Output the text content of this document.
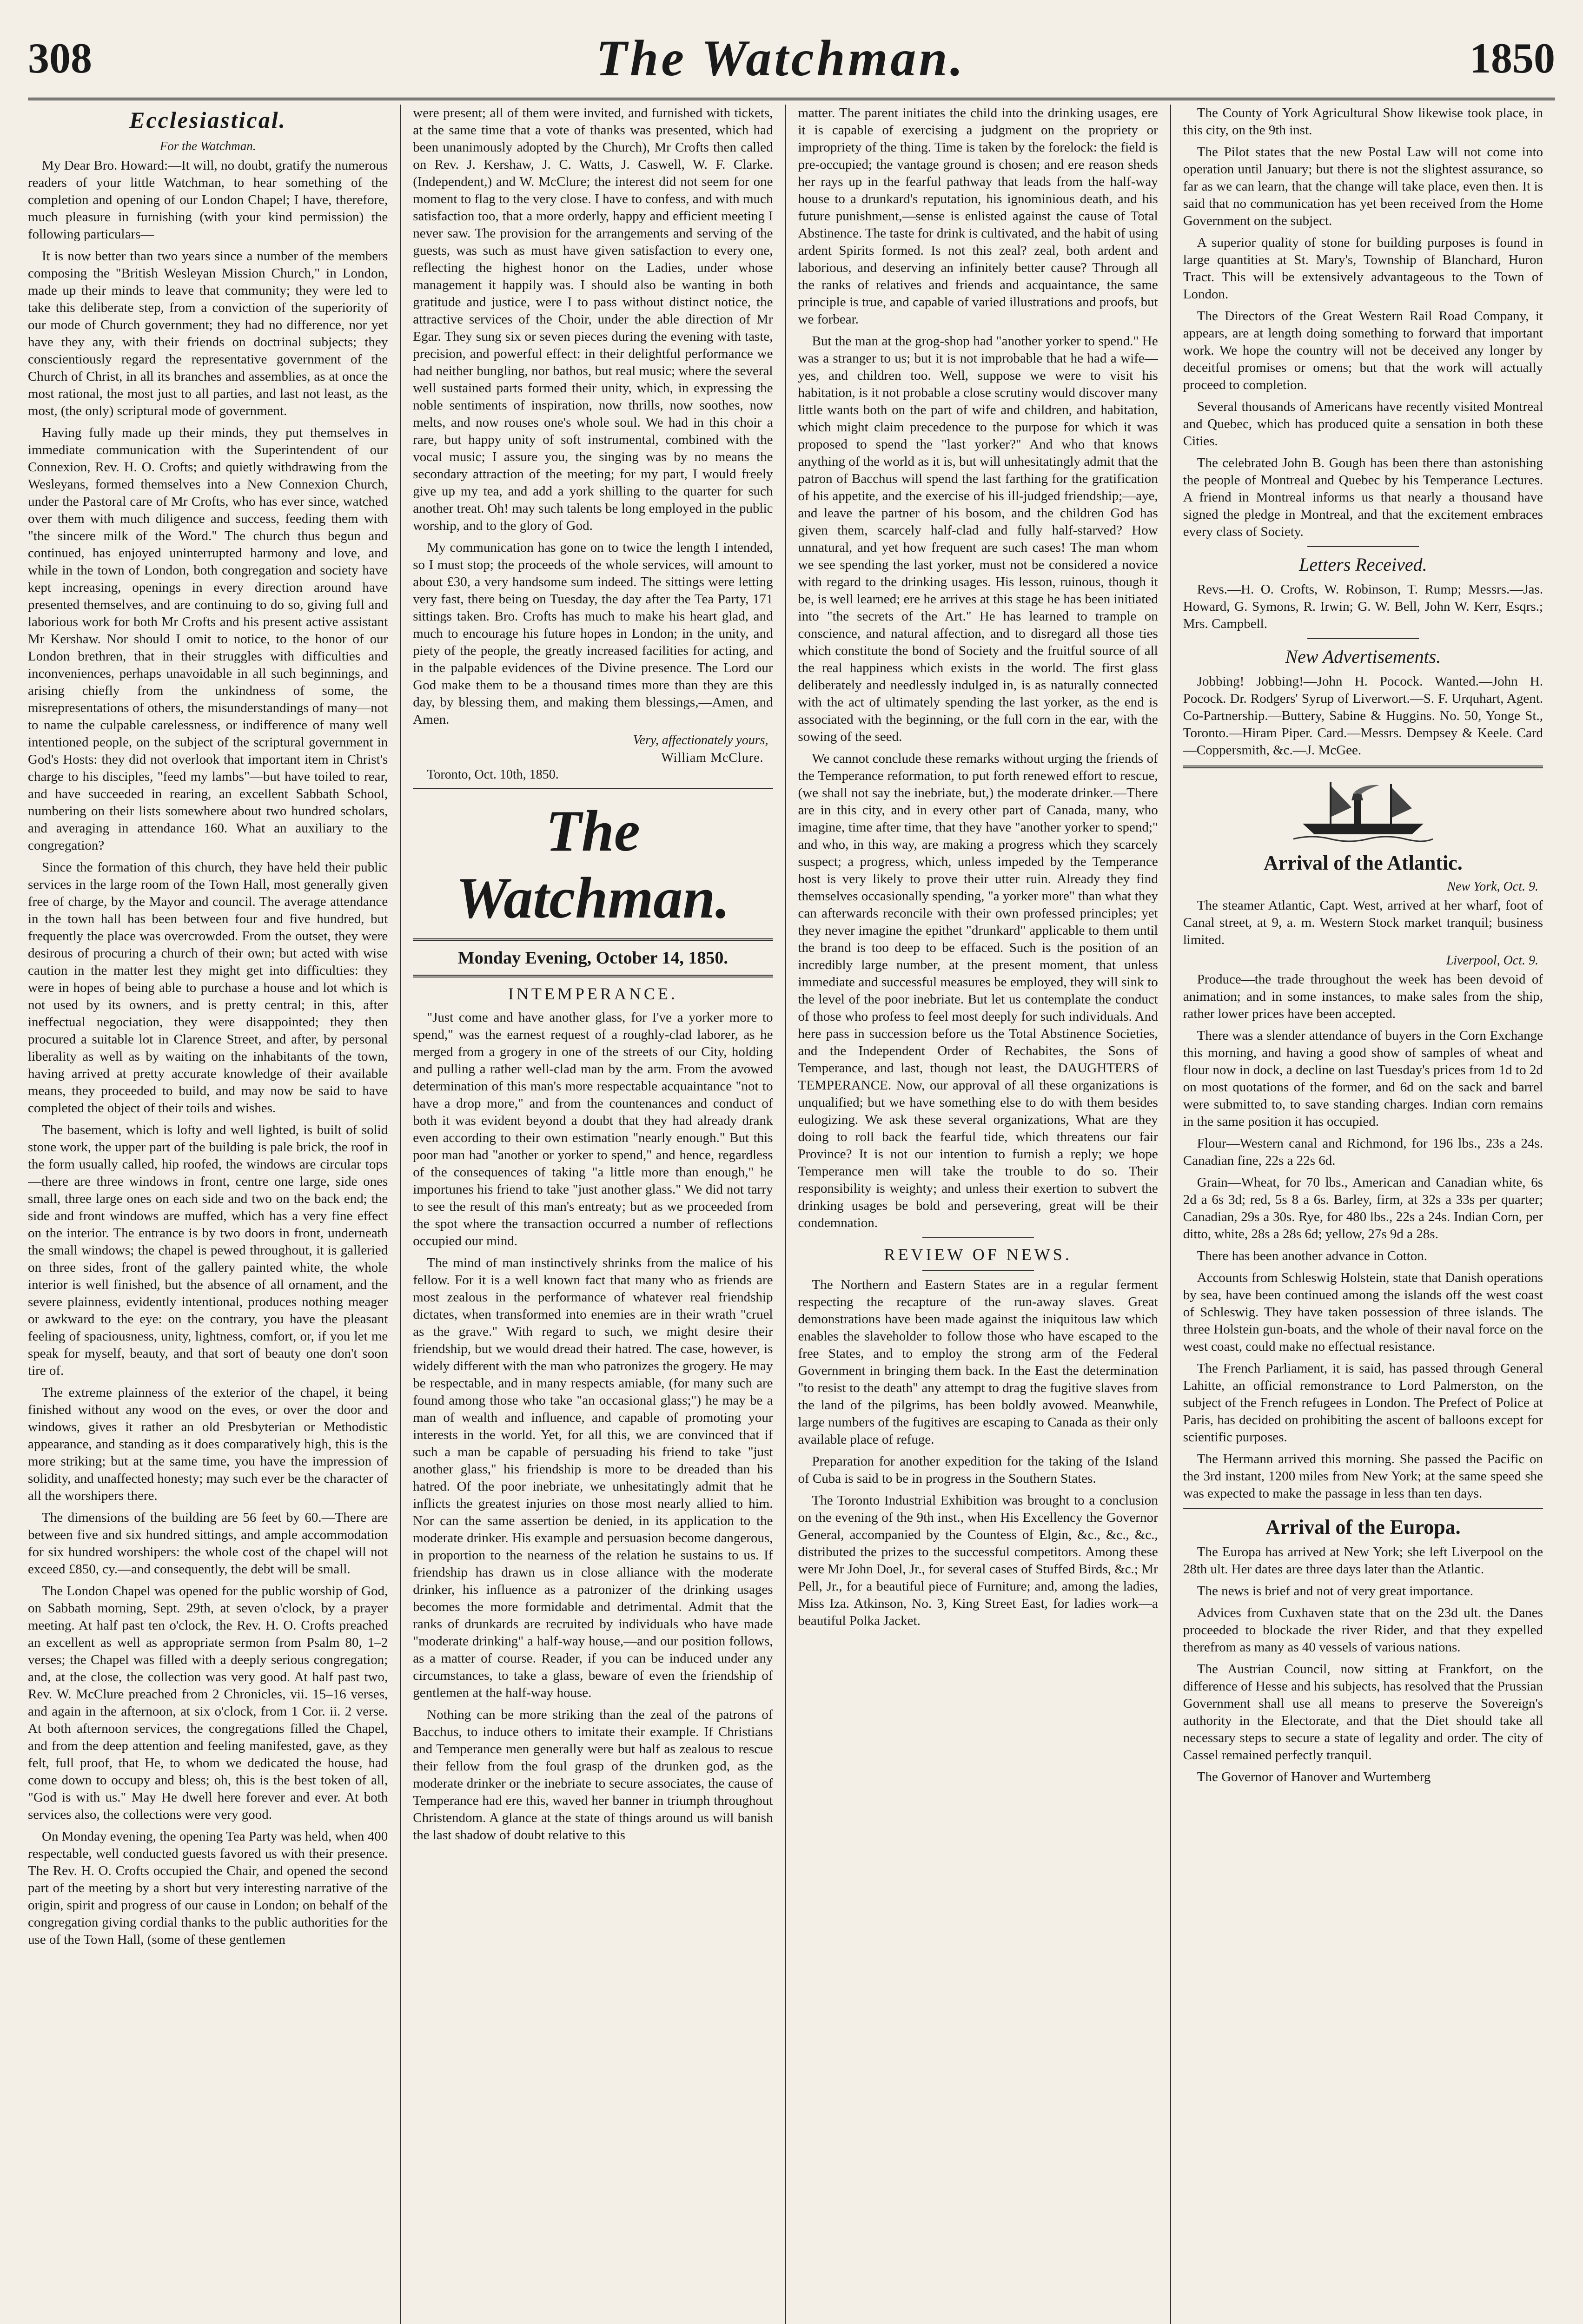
308	The Watchman.	1850
Ecclesiastical.
For the Watchman.

My Dear Bro. Howard:—It will, no doubt, gratify the numerous readers of your little Watchman, to hear something of the completion and opening of our London Chapel; I have, therefore, much pleasure in furnishing (with your kind permission) the following particulars—

It is now better than two years since a number of the members composing the "British Wesleyan Mission Church," in London, made up their minds to leave that community; they were led to take this deliberate step, from a conviction of the superiority of our mode of Church government; they had no difference, nor yet have they any, with their friends on doctrinal subjects; they conscientiously regard the representative government of the Church of Christ, in all its branches and assemblies, as at once the most rational, the most just to all parties, and last not least, as the most, (the only) scriptural mode of government.

Having fully made up their minds, they put themselves in immediate communication with the Superintendent of our Connexion, Rev. H. O. Crofts; and quietly withdrawing from the Wesleyans, formed themselves into a New Connexion Church, under the Pastoral care of Mr Crofts, who has ever since, watched over them with much diligence and success, feeding them with "the sincere milk of the Word." The church thus begun and continued, has enjoyed uninterrupted harmony and love, and while in the town of London, both congregation and society have kept increasing, openings in every direction around have presented themselves, and are continuing to do so, giving full and laborious work for both Mr Crofts and his present active assistant Mr Kershaw. Nor should I omit to notice, to the honor of our London brethren, that in their struggles with difficulties and inconveniences, perhaps unavoidable in all such beginnings, and arising chiefly from the unkindness of some, the misrepresentations of others, the misunderstandings of many—not to name the culpable carelessness, or indifference of many well intentioned people, on the subject of the scriptural government in God's Hosts: they did not overlook that important item in Christ's charge to his disciples, "feed my lambs"—but have toiled to rear, and have succeeded in rearing, an excellent Sabbath School, numbering on their lists somewhere about two hundred scholars, and averaging in attendance 160. What an auxiliary to the congregation?

Since the formation of this church, they have held their public services in the large room of the Town Hall, most generally given free of charge, by the Mayor and council. The average attendance in the town hall has been between four and five hundred, but frequently the place was overcrowded. From the outset, they were desirous of procuring a church of their own; but acted with wise caution in the matter lest they might get into difficulties: they were in hopes of being able to purchase a house and lot which is not used by its owners, and is pretty central; in this, after ineffectual negociation, they were disappointed; they then procured a suitable lot in Clarence Street, and after, by personal liberality as well as by waiting on the inhabitants of the town, having arrived at pretty accurate knowledge of their available means, they proceeded to build, and may now be said to have completed the object of their toils and wishes.

The basement, which is lofty and well lighted, is built of solid stone work, the upper part of the building is pale brick, the roof in the form usually called, hip roofed, the windows are circular tops—there are three windows in front, centre one large, side ones small, three large ones on each side and two on the back end; the side and front windows are muffed, which has a very fine effect on the interior. The entrance is by two doors in front, underneath the small windows; the chapel is pewed throughout, it is galleried on three sides, front of the gallery painted white, the whole interior is well finished, but the absence of all ornament, and the severe plainness, evidently intentional, produces nothing meager or awkward to the eye: on the contrary, you have the pleasant feeling of spaciousness, unity, lightness, comfort, or, if you let me speak for myself, beauty, and that sort of beauty one don't soon tire of.

The extreme plainness of the exterior of the chapel, it being finished without any wood on the eves, or over the door and windows, gives it rather an old Presbyterian or Methodistic appearance, and standing as it does comparatively high, this is the more striking; but at the same time, you have the impression of solidity, and unaffected honesty; may such ever be the character of all the worshipers there.

The dimensions of the building are 56 feet by 60.—There are between five and six hundred sittings, and ample accommodation for six hundred worshipers: the whole cost of the chapel will not exceed £850, cy.—and consequently, the debt will be small.

The London Chapel was opened for the public worship of God, on Sabbath morning, Sept. 29th, at seven o'clock, by a prayer meeting. At half past ten o'clock, the Rev. H. O. Crofts preached an excellent as well as appropriate sermon from Psalm 80, 1–2 verses; the Chapel was filled with a deeply serious congregation; and, at the close, the collection was very good. At half past two, Rev. W. McClure preached from 2 Chronicles, vii. 15–16 verses, and again in the afternoon, at six o'clock, from 1 Cor. ii. 2 verse. At both afternoon services, the congregations filled the Chapel, and from the deep attention and feeling manifested, gave, as they felt, full proof, that He, to whom we dedicated the house, had come down to occupy and bless; oh, this is the best token of all, "God is with us." May He dwell here forever and ever. At both services also, the collections were very good.

On Monday evening, the opening Tea Party was held, when 400 respectable, well conducted guests favored us with their presence. The Rev. H. O. Crofts occupied the Chair, and opened the second part of the meeting by a short but very interesting narrative of the origin, spirit and progress of our cause in London; on behalf of the congregation giving cordial thanks to the public authorities for the use of the Town Hall, (some of these gentlemen

were present; all of them were invited, and furnished with tickets, at the same time that a vote of thanks was presented, which had been unanimously adopted by the Church), Mr Crofts then called on Rev. J. Kershaw, J. C. Watts, J. Caswell, W. F. Clarke. (Independent,) and W. McClure; the interest did not seem for one moment to flag to the very close. I have to confess, and with much satisfaction too, that a more orderly, happy and efficient meeting I never saw. The provision for the arrangements and serving of the guests, was such as must have given satisfaction to every one, reflecting the highest honor on the Ladies, under whose management it happily was. I should also be wanting in both gratitude and justice, were I to pass without distinct notice, the attractive services of the Choir, under the able direction of Mr Egar. They sung six or seven pieces during the evening with taste, precision, and powerful effect: in their delightful performance we had neither bungling, nor bathos, but real music; where the several well sustained parts formed their unity, which, in expressing the noble sentiments of inspiration, now thrills, now soothes, now melts, and now rouses one's whole soul. We had in this choir a rare, but happy unity of soft instrumental, combined with the vocal music; I assure you, the singing was by no means the secondary attraction of the meeting; for my part, I would freely give up my tea, and add a york shilling to the quarter for such another treat. Oh! may such talents be long employed in the public worship, and to the glory of God.

My communication has gone on to twice the length I intended, so I must stop; the proceeds of the whole services, will amount to about £30, a very handsome sum indeed. The sittings were letting very fast, there being on Tuesday, the day after the Tea Party, 171 sittings taken. Bro. Crofts has much to make his heart glad, and much to encourage his future hopes in London; in the unity, and piety of the people, the greatly increased facilities for acting, and in the palpable evidences of the Divine presence. The Lord our God make them to be a thousand times more than they are this day, by blessing them, and making them blessings,—Amen, and Amen.

Very, affectionately yours,
William McClure.
Toronto, Oct. 10th, 1850.
The Watchman.
Monday Evening, October 14, 1850.
INTEMPERANCE.

"Just come and have another glass, for I've a yorker more to spend," was the earnest request of a roughly-clad laborer, as he merged from a grogery in one of the streets of our City, holding and pulling a rather well-clad man by the arm. From the avowed determination of this man's more respectable acquaintance "not to have a drop more," and from the countenances and conduct of both it was evident beyond a doubt that they had already drank even according to their own estimation "nearly enough." But this poor man had "another or yorker to spend," and hence, regardless of the consequences of taking "a little more than enough," he importunes his friend to take "just another glass." We did not tarry to see the result of this man's entreaty; but as we proceeded from the spot where the transaction occurred a number of reflections occupied our mind.

The mind of man instinctively shrinks from the malice of his fellow. For it is a well known fact that many who as friends are most zealous in the performance of whatever real friendship dictates, when transformed into enemies are in their wrath "cruel as the grave." With regard to such, we might desire their friendship, but we would dread their hatred. The case, however, is widely different with the man who patronizes the grogery. He may be respectable, and in many respects amiable, (for many such are found among those who take "an occasional glass;") he may be a man of wealth and influence, and capable of promoting your interests in the world. Yet, for all this, we are convinced that if such a man be capable of persuading his friend to take "just another glass," his friendship is more to be dreaded than his hatred. Of the poor inebriate, we unhesitatingly admit that he inflicts the greatest injuries on those most nearly allied to him. Nor can the same assertion be denied, in its application to the moderate drinker. His example and persuasion become dangerous, in proportion to the nearness of the relation he sustains to us. If friendship has drawn us in close alliance with the moderate drinker, his influence as a patronizer of the drinking usages becomes the more formidable and detrimental. Admit that the ranks of drunkards are recruited by individuals who have made "moderate drinking" a half-way house,—and our position follows, as a matter of course. Reader, if you can be induced under any circumstances, to take a glass, beware of even the friendship of gentlemen at the half-way house.

Nothing can be more striking than the zeal of the patrons of Bacchus, to induce others to imitate their example. If Christians and Temperance men generally were but half as zealous to rescue their fellow from the foul grasp of the drunken god, as the moderate drinker or the inebriate to secure associates, the cause of Temperance had ere this, waved her banner in triumph throughout Christendom. A glance at the state of things around us will banish the last shadow of doubt relative to this

matter. The parent initiates the child into the drinking usages, ere it is capable of exercising a judgment on the propriety or impropriety of the thing. Time is taken by the forelock: the field is pre-occupied; the vantage ground is chosen; and ere reason sheds her rays up in the fearful pathway that leads from the half-way house to a drunkard's reputation, his ignominious death, and his future punishment,—sense is enlisted against the cause of Total Abstinence. The taste for drink is cultivated, and the habit of using ardent Spirits formed. Is not this zeal? zeal, both ardent and laborious, and deserving an infinitely better cause? Through all the ranks of relatives and friends and acquaintance, the same principle is true, and capable of varied illustrations and proofs, but we forbear.

But the man at the grog-shop had "another yorker to spend." He was a stranger to us; but it is not improbable that he had a wife—yes, and children too. Well, suppose we were to visit his habitation, is it not probable a close scrutiny would discover many little wants both on the part of wife and children, and habitation, which might claim precedence to the purpose for which it was proposed to spend the "last yorker?" And who that knows anything of the world as it is, but will unhesitatingly admit that the patron of Bacchus will spend the last farthing for the gratification of his appetite, and the exercise of his ill-judged friendship;—aye, and leave the partner of his bosom, and the children God has given them, scarcely half-clad and fully half-starved? How unnatural, and yet how frequent are such cases! The man whom we see spending the last yorker, must not be considered a novice with regard to the drinking usages. His lesson, ruinous, though it be, is well learned; ere he arrives at this stage he has been initiated into "the secrets of the Art." He has learned to trample on conscience, and natural affection, and to disregard all those ties which constitute the bond of Society and the fruitful source of all the real happiness which exists in the world. The first glass deliberately and needlessly indulged in, is as naturally connected with the act of ultimately spending the last yorker, as the end is associated with the beginning, or the full corn in the ear, with the sowing of the seed.

We cannot conclude these remarks without urging the friends of the Temperance reformation, to put forth renewed effort to rescue, (we shall not say the inebriate, but,) the moderate drinker.—There are in this city, and in every other part of Canada, many, who imagine, time after time, that they have "another yorker to spend;" and who, in this way, are making a progress which they scarcely suspect; a progress, which, unless impeded by the Temperance host is very likely to prove their utter ruin. Already they find themselves occasionally spending, "a yorker more" than what they can afterwards reconcile with their own professed principles; yet they never imagine the epithet "drunkard" applicable to them until the brand is too deep to be effaced. Such is the position of an incredibly large number, at the present moment, that unless immediate and successful measures be employed, they will sink to the level of the poor inebriate. But let us contemplate the conduct of those who profess to feel most deeply for such individuals. And here pass in succession before us the Total Abstinence Societies, and the Independent Order of Rechabites, the Sons of Temperance, and last, though not least, the DAUGHTERS of TEMPERANCE. Now, our approval of all these organizations is unqualified; but we have something else to do with them besides eulogizing. We ask these several organizations, What are they doing to roll back the fearful tide, which threatens our fair Province? It is not our intention to furnish a reply; we hope Temperance men will take the trouble to do so. Their responsibility is weighty; and unless their exertion to subvert the drinking usages be bold and persevering, great will be their condemnation.

REVIEW OF NEWS.

The Northern and Eastern States are in a regular ferment respecting the recapture of the run-away slaves. Great demonstrations have been made against the iniquitous law which enables the slaveholder to follow those who have escaped to the free States, and to employ the strong arm of the Federal Government in bringing them back. In the East the determination "to resist to the death" any attempt to drag the fugitive slaves from the land of the pilgrims, has been boldly avowed. Meanwhile, large numbers of the fugitives are escaping to Canada as their only available place of refuge.

Preparation for another expedition for the taking of the Island of Cuba is said to be in progress in the Southern States.

The Toronto Industrial Exhibition was brought to a conclusion on the evening of the 9th inst., when His Excellency the Governor General, accompanied by the Countess of Elgin, &c., &c., &c., distributed the prizes to the successful competitors. Among these were Mr John Doel, Jr., for several cases of Stuffed Birds, &c.; Mr Pell, Jr., for a beautiful piece of Furniture; and, among the ladies, Miss Iza. Atkinson, No. 3, King Street East, for ladies work—a beautiful Polka Jacket.

The County of York Agricultural Show likewise took place, in this city, on the 9th inst.

The Pilot states that the new Postal Law will not come into operation until January; but there is not the slightest assurance, so far as we can learn, that the change will take place, even then. It is said that no communication has yet been received from the Home Government on the subject.

A superior quality of stone for building purposes is found in large quantities at St. Mary's, Township of Blanchard, Huron Tract. This will be extensively advantageous to the Town of London.

The Directors of the Great Western Rail Road Company, it appears, are at length doing something to forward that important work. We hope the country will not be deceived any longer by deceitful promises or omens; but that the work will actually proceed to completion.

Several thousands of Americans have recently visited Montreal and Quebec, which has produced quite a sensation in both these Cities.

The celebrated John B. Gough has been there than astonishing the people of Montreal and Quebec by his Temperance Lectures. A friend in Montreal informs us that nearly a thousand have signed the pledge in Montreal, and that the excitement embraces every class of Society.

Letters Received.

Revs.—H. O. Crofts, W. Robinson, T. Rump; Messrs.—Jas. Howard, G. Symons, R. Irwin; G. W. Bell, John W. Kerr, Esqrs.; Mrs. Campbell.

New Advertisements.

Jobbing! Jobbing!—John H. Pocock. Wanted.—John H. Pocock. Dr. Rodgers' Syrup of Liverwort.—S. F. Urquhart, Agent. Co-Partnership.—Buttery, Sabine & Huggins. No. 50, Yonge St., Toronto.—Hiram Piper. Card.—Messrs. Dempsey & Keele. Card—Coppersmith, &c.—J. McGee.

Arrival of the Atlantic.
New York, Oct. 9.

The steamer Atlantic, Capt. West, arrived at her wharf, foot of Canal street, at 9, a. m. Western Stock market tranquil; business limited.

Liverpool, Oct. 9.

Produce—the trade throughout the week has been devoid of animation; and in some instances, to make sales from the ship, rather lower prices have been accepted.

There was a slender attendance of buyers in the Corn Exchange this morning, and having a good show of samples of wheat and flour now in dock, a decline on last Tuesday's prices from 1d to 2d on most quotations of the former, and 6d on the sack and barrel were submitted to, to save standing charges. Indian corn remains in the same position it has occupied.

Flour—Western canal and Richmond, for 196 lbs., 23s a 24s. Canadian fine, 22s a 22s 6d.

Grain—Wheat, for 70 lbs., American and Canadian white, 6s 2d a 6s 3d; red, 5s 8 a 6s. Barley, firm, at 32s a 33s per quarter; Canadian, 29s a 30s. Rye, for 480 lbs., 22s a 24s. Indian Corn, per ditto, white, 28s a 28s 6d; yellow, 27s 9d a 28s.

There has been another advance in Cotton.

Accounts from Schleswig Holstein, state that Danish operations by sea, have been continued among the islands off the west coast of Schleswig. They have taken possession of three islands. The three Holstein gun-boats, and the whole of their naval force on the west coast, could make no effectual resistance.

The French Parliament, it is said, has passed through General Lahitte, an official remonstrance to Lord Palmerston, on the subject of the French refugees in London. The Prefect of Police at Paris, has decided on prohibiting the ascent of balloons except for scientific purposes.

The Hermann arrived this morning. She passed the Pacific on the 3rd instant, 1200 miles from New York; at the same speed she was expected to make the passage in less than ten days.

Arrival of the Europa.

The Europa has arrived at New York; she left Liverpool on the 28th ult. Her dates are three days later than the Atlantic.

The news is brief and not of very great importance.

Advices from Cuxhaven state that on the 23d ult. the Danes proceeded to blockade the river Rider, and that they expelled therefrom as many as 40 vessels of various nations.

The Austrian Council, now sitting at Frankfort, on the difference of Hesse and his subjects, has resolved that the Prussian Government shall use all means to preserve the Sovereign's authority in the Electorate, and that the Diet should take all necessary steps to secure a state of legality and order. The city of Cassel remained perfectly tranquil.

The Governor of Hanover and Wurtemberg
